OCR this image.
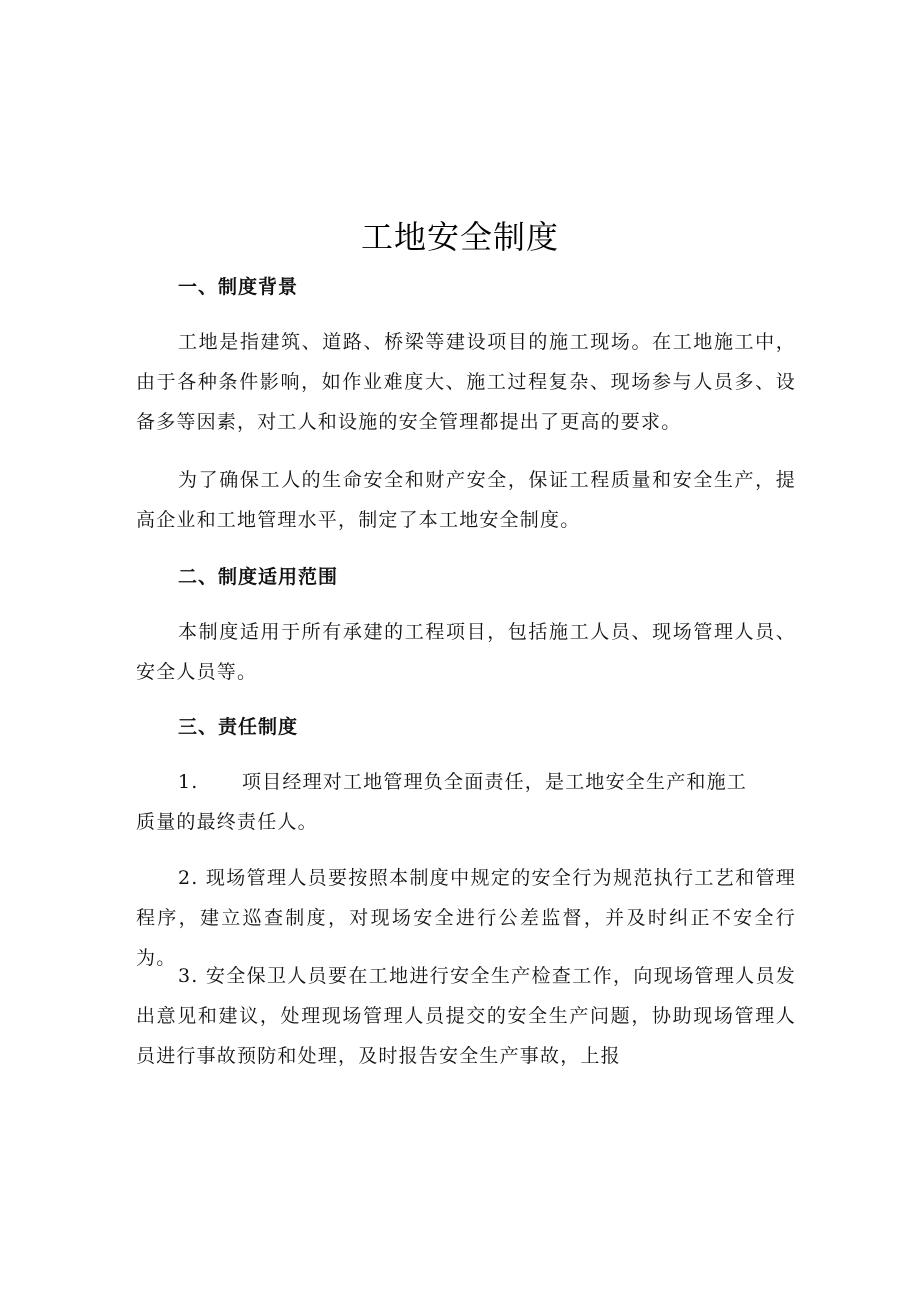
工地安全制度
一、制度背景

工地是指建筑、道路、桥梁等建设项目的施工现场。在工地施工中，由于各种条件影响，如作业难度大、施工过程复杂、现场参与人员多、设备多等因素，对工人和设施的安全管理都提出了更高的要求。

为了确保工人的生命安全和财产安全，保证工程质量和安全生产，提高企业和工地管理水平，制定了本工地安全制度。

二、制度适用范围

本制度适用于所有承建的工程项目，包括施工人员、现场管理人员、安全人员等。

三、责任制度
1. 项目经理对工地管理负全面责任，是工地安全生产和施工
质量的最终责任人。

2. 现场管理人员要按照本制度中规定的安全行为规范执行工艺和管理程序，建立巡查制度，对现场安全进行公差监督，并及时纠正不安全行为。

3. 安全保卫人员要在工地进行安全生产检查工作，向现场管理人员发出意见和建议，处理现场管理人员提交的安全生产问题，协助现场管理人员进行事故预防和处理，及时报告安全生产事故，上报
